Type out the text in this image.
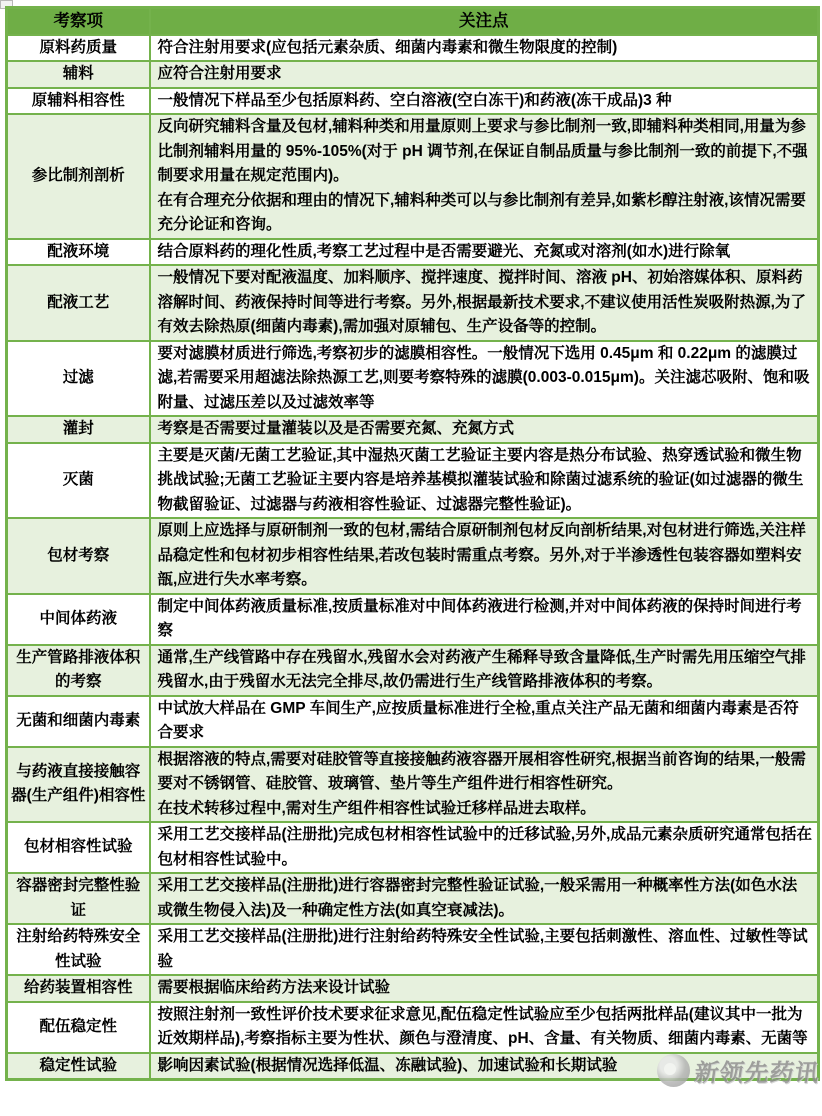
考察项	关注点
原料药质量	符合注射用要求(应包括元素杂质、细菌内毒素和微生物限度的控制)

辅料	应符合注射用要求

原辅料相容性	一般情况下样品至少包括原料药、空白溶液(空白冻干)和药液(冻干成品)3 种

参比制剂剖析	反向研究辅料含量及包材,辅料种类和用量原则上要求与参比制剂一致,即辅料种类相同,用量为参比制剂辅料用量的 95%-105%(对于 pH 调节剂,在保证自制品质量与参比制剂一致的前提下,不强制要求用量在规定范围内)。
在有合理充分依据和理由的情况下,辅料种类可以与参比制剂有差异,如紫杉醇注射液,该情况需要充分论证和咨询。

配液环境	结合原料药的理化性质,考察工艺过程中是否需要避光、充氮或对溶剂(如水)进行除氧

配液工艺	一般情况下要对配液温度、加料顺序、搅拌速度、搅拌时间、溶液 pH、初始溶媒体积、原料药溶解时间、药液保持时间等进行考察。另外,根据最新技术要求,不建议使用活性炭吸附热源,为了有效去除热原(细菌内毒素),需加强对原辅包、生产设备等的控制。

过滤	要对滤膜材质进行筛选,考察初步的滤膜相容性。一般情况下选用 0.45μm 和 0.22μm 的滤膜过滤,若需要采用超滤法除热源工艺,则要考察特殊的滤膜(0.003-0.015μm)。关注滤芯吸附、饱和吸附量、过滤压差以及过滤效率等

灌封	考察是否需要过量灌装以及是否需要充氮、充氮方式

灭菌	主要是灭菌/无菌工艺验证,其中湿热灭菌工艺验证主要内容是热分布试验、热穿透试验和微生物挑战试验;无菌工艺验证主要内容是培养基模拟灌装试验和除菌过滤系统的验证(如过滤器的微生物截留验证、过滤器与药液相容性验证、过滤器完整性验证)。

包材考察	原则上应选择与原研制剂一致的包材,需结合原研制剂包材反向剖析结果,对包材进行筛选,关注样品稳定性和包材初步相容性结果,若改包装时需重点考察。另外,对于半渗透性包装容器如塑料安瓿,应进行失水率考察。

中间体药液	制定中间体药液质量标准,按质量标准对中间体药液进行检测,并对中间体药液的保持时间进行考察

生产管路排液体积的考察	通常,生产线管路中存在残留水,残留水会对药液产生稀释导致含量降低,生产时需先用压缩空气排残留水,由于残留水无法完全排尽,故仍需进行生产线管路排液体积的考察。

无菌和细菌内毒素	中试放大样品在 GMP 车间生产,应按质量标准进行全检,重点关注产品无菌和细菌内毒素是否符合要求

与药液直接接触容器(生产组件)相容性	根据溶液的特点,需要对硅胶管等直接接触药液容器开展相容性研究,根据当前咨询的结果,一般需要对不锈钢管、硅胶管、玻璃管、垫片等生产组件进行相容性研究。
在技术转移过程中,需对生产组件相容性试验迁移样品进去取样。

包材相容性试验	采用工艺交接样品(注册批)完成包材相容性试验中的迁移试验,另外,成品元素杂质研究通常包括在包材相容性试验中。

容器密封完整性验证	采用工艺交接样品(注册批)进行容器密封完整性验证试验,一般采需用一种概率性方法(如色水法或微生物侵入法)及一种确定性方法(如真空衰减法)。

注射给药特殊安全性试验	采用工艺交接样品(注册批)进行注射给药特殊安全性试验,主要包括刺激性、溶血性、过敏性等试验

给药装置相容性	需要根据临床给药方法来设计试验

配伍稳定性	按照注射剂一致性评价技术要求征求意见,配伍稳定性试验应至少包括两批样品(建议其中一批为近效期样品),考察指标主要为性状、颜色与澄清度、pH、含量、有关物质、细菌内毒素、无菌等

稳定性试验	影响因素试验(根据情况选择低温、冻融试验)、加速试验和长期试验	新领先药讯
